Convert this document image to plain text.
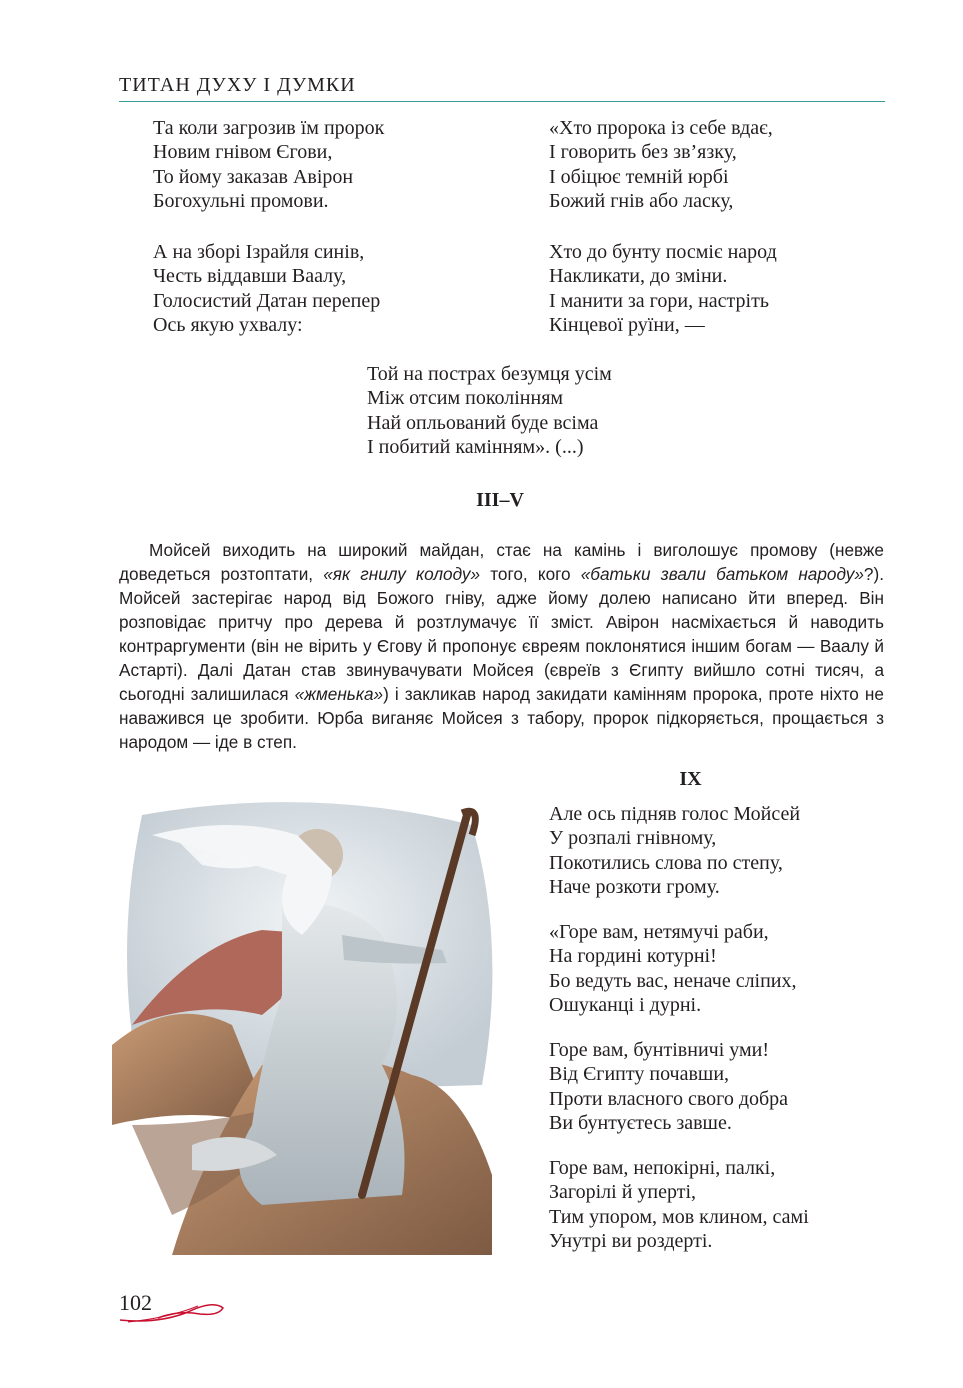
ТИТАН ДУХУ І ДУМКИ
Та коли загрозив їм пророк
Новим гнівом Єгови,
То йому заказав Авірон
Богохульні промови.
А на зборі Ізрайля синів,
Честь віддавши Ваалу,
Голосистий Датан перепер
Ось якую ухвалу:
«Хто пророка із себе вдає,
І говорить без зв’язку,
І обіцює темній юрбі
Божий гнів або ласку,
Хто до бунту посміє народ
Накликати, до зміни.
І манити за гори, настріть
Кінцевої руїни, —
Той на пострах безумця усім
Між отсим поколінням
Най опльований буде всіма
І побитий камінням». (...)
ІІІ–V
Мойсей виходить на широкий майдан, стає на камінь і виголошує промову (невже доведеться розтоптати, «як гнилу колоду» того, кого «батьки звали батьком народу»?). Мойсей застерігає народ від Божого гніву, адже йому долею написано йти вперед. Він розповідає притчу про дерева й розтлумачує її зміст. Авірон насміхається й наводить контраргументи (він не вірить у Єгову й пропонує євреям поклонятися іншим богам — Ваалу й Астарті). Далі Датан став звинувачувати Мойсея (євреїв з Єгипту вийшло сотні тисяч, а сьогодні залишилася «жменька») і закликав народ закидати камінням пророка, проте ніхто не наважився це зробити. Юрба виганяє Мойсея з табору, пророк підкоряється, прощається з народом — іде в степ.
IX
Але ось підняв голос Мойсей
У розпалі гнівному,
Покотились слова по степу,
Наче розкоти грому.
«Горе вам, нетямучі раби,
На гордині котурні!
Бо ведуть вас, неначе сліпих,
Ошуканці і дурні.
Горе вам, бунтівничі уми!
Від Єгипту почавши,
Проти власного свого добра
Ви бунтуєтесь завше.
Горе вам, непокірні, палкі,
Загорілі й уперті,
Тим упором, мов клином, самі
Унутрі ви роздерті.
102
